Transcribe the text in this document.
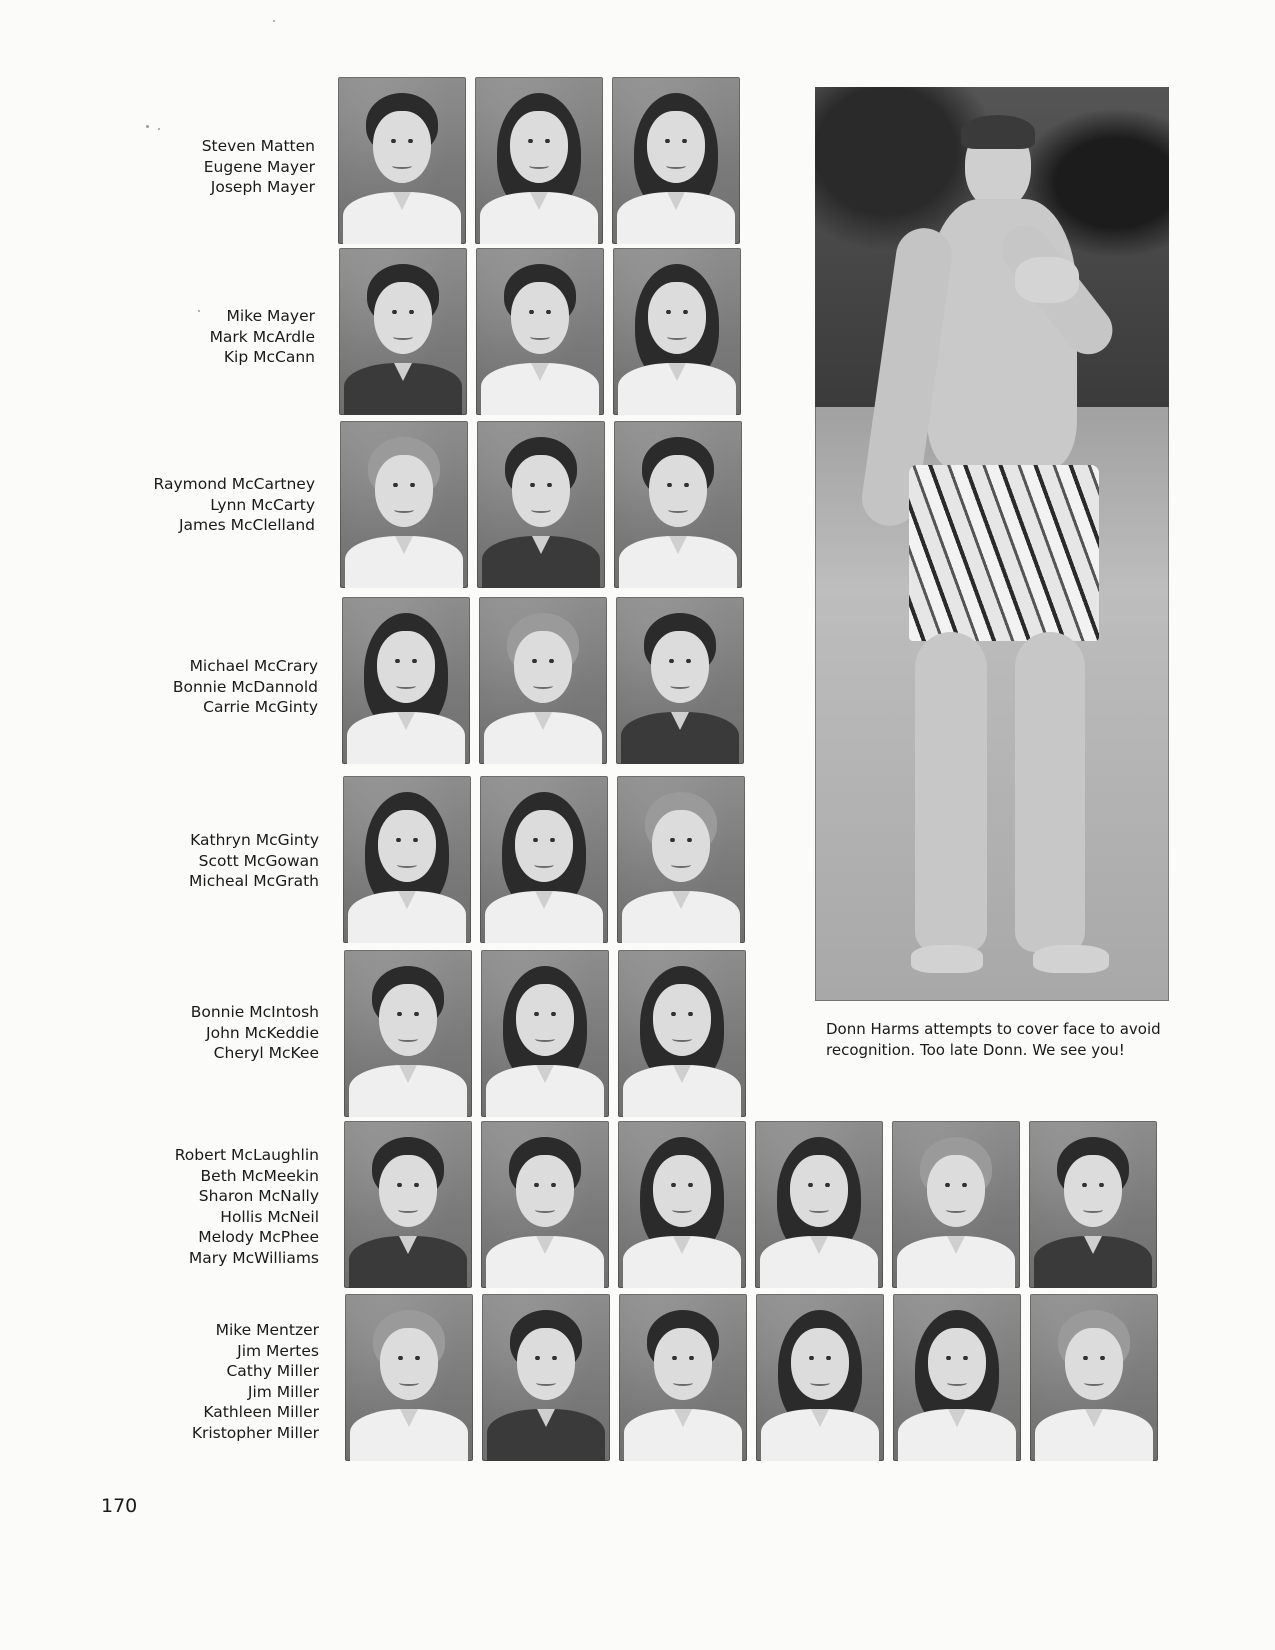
Steven Matten
Eugene Mayer
Joseph Mayer
Mike Mayer
Mark McArdle
Kip McCann
Raymond McCartney
Lynn McCarty
James McClelland
Michael McCrary
Bonnie McDannold
Carrie McGinty
Kathryn McGinty
Scott McGowan
Micheal McGrath
Bonnie McIntosh
John McKeddie
Cheryl McKee
Robert McLaughlin
Beth McMeekin
Sharon McNally
Hollis McNeil
Melody McPhee
Mary McWilliams
Mike Mentzer
Jim Mertes
Cathy Miller
Jim Miller
Kathleen Miller
Kristopher Miller
Donn Harms attempts to cover face to avoid recognition. Too late Donn. We see you!
170
